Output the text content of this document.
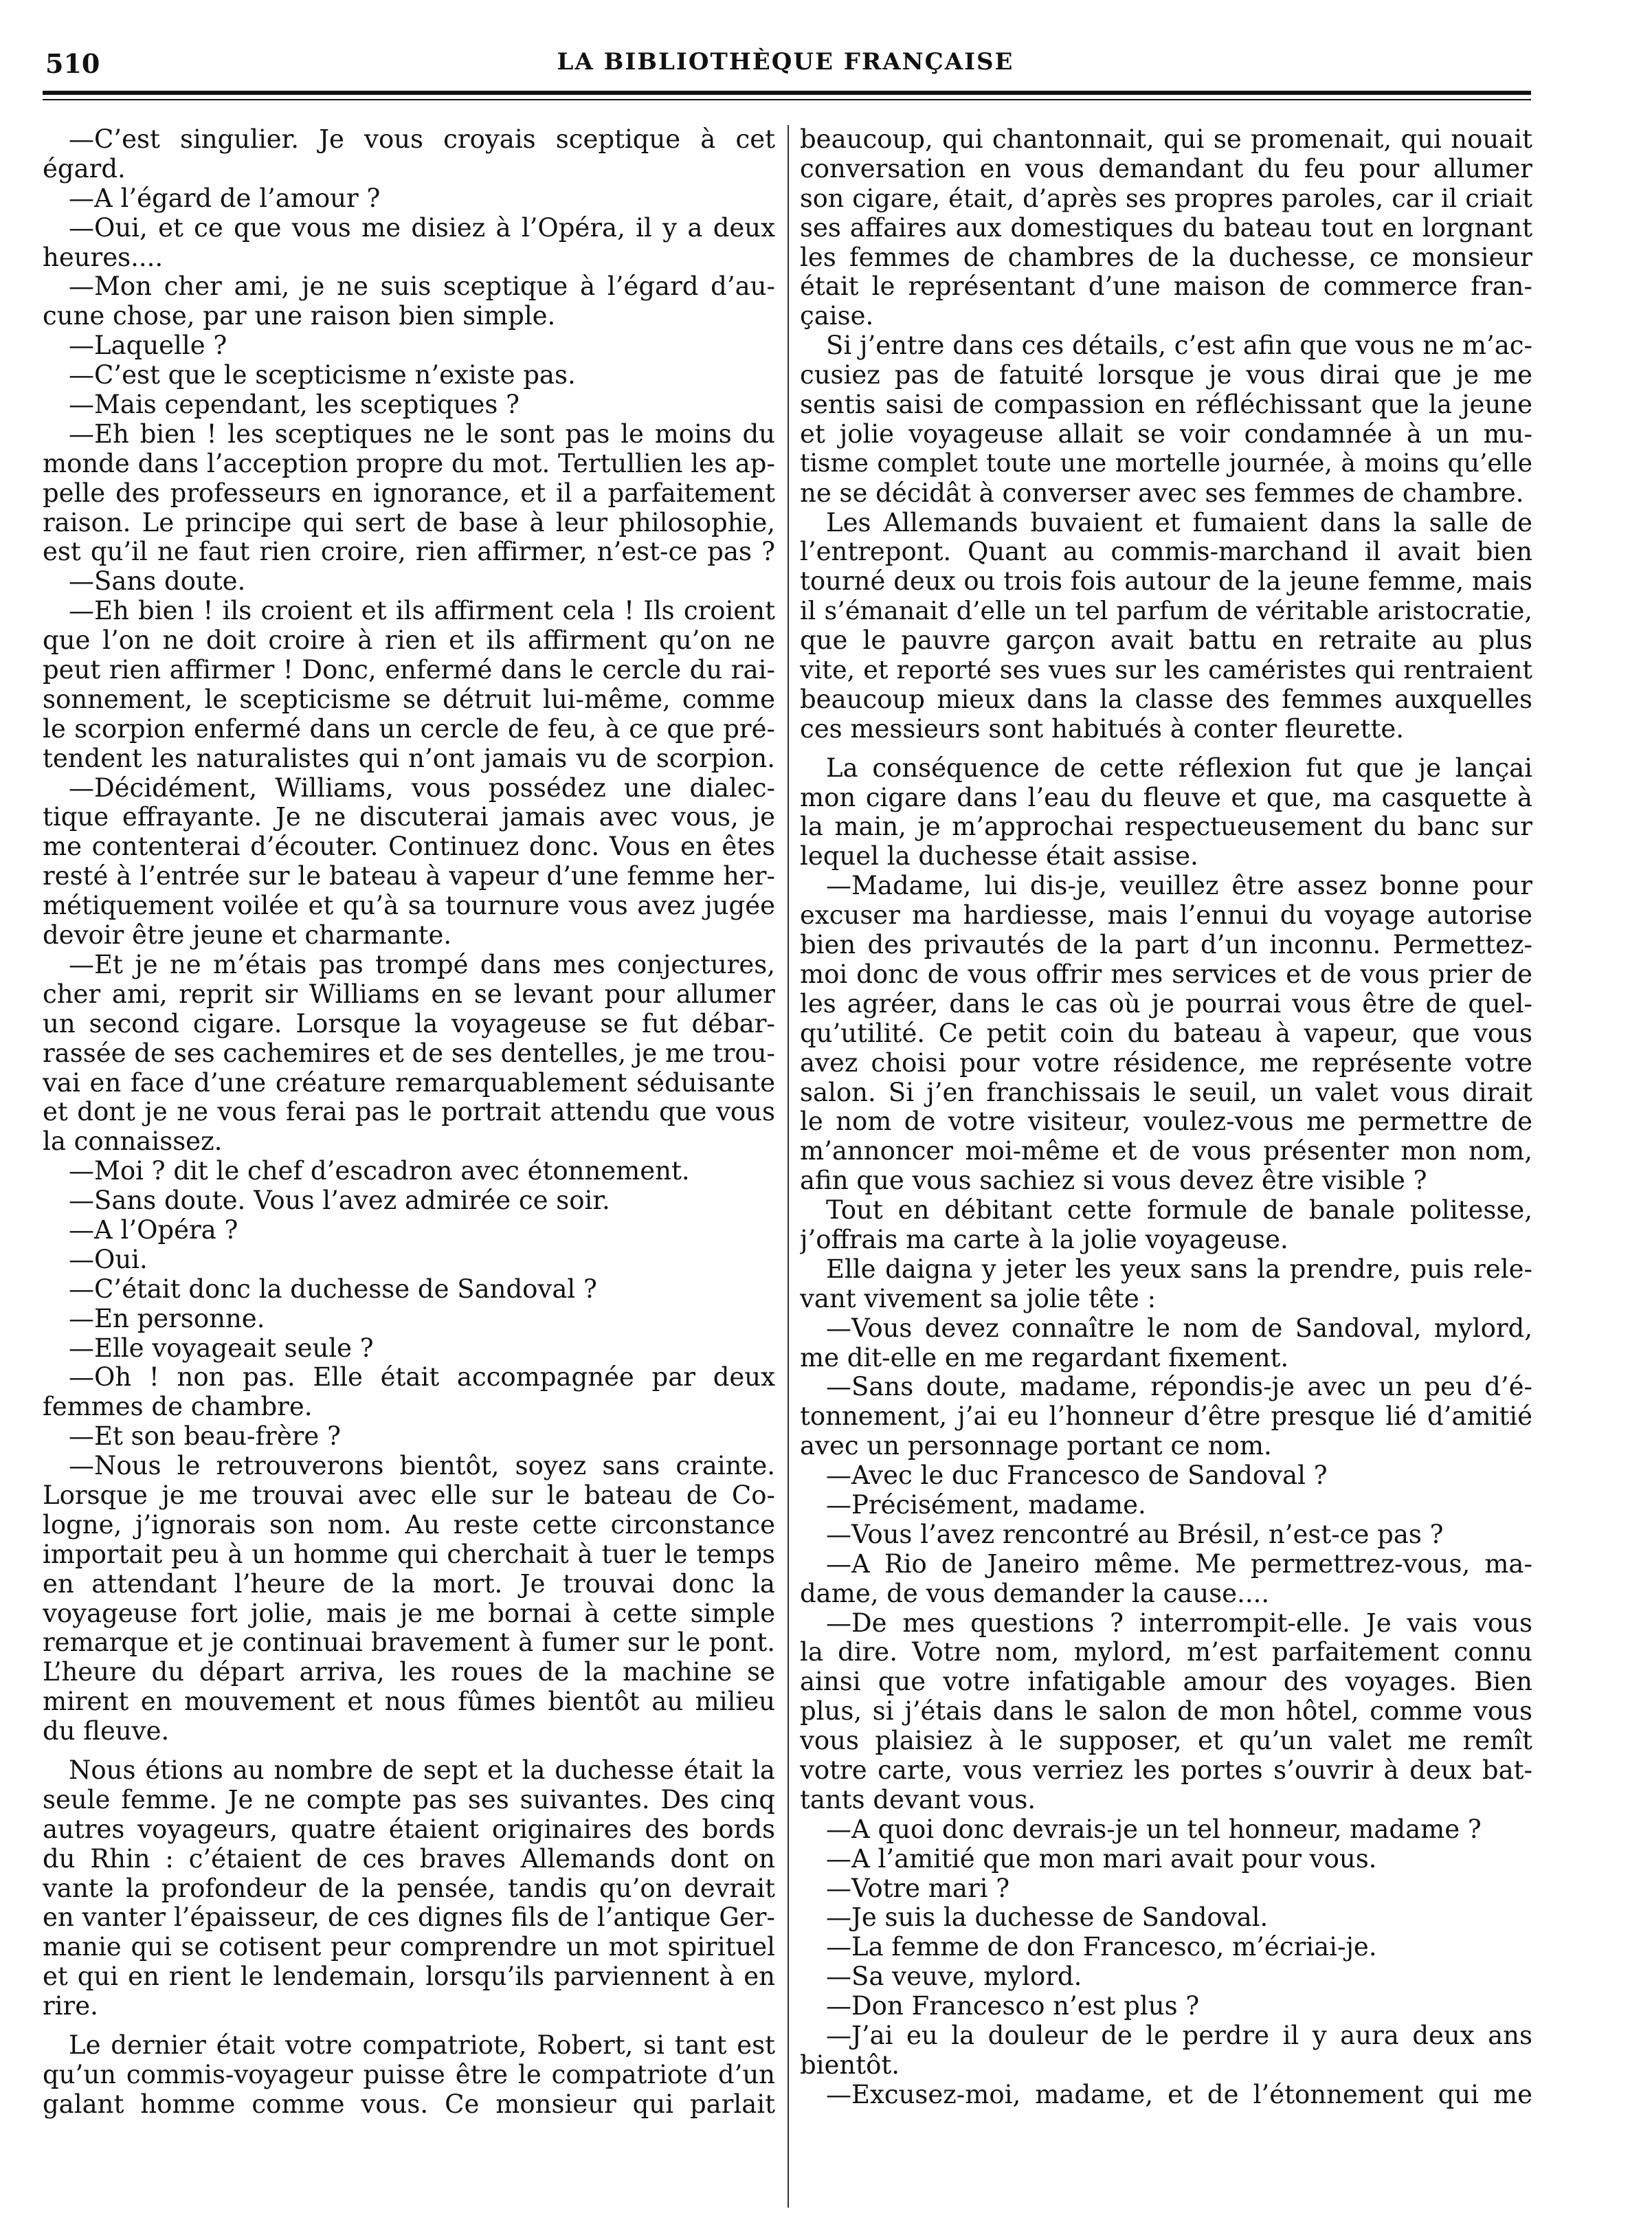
510	LA BIBLIOTHÈQUE FRANÇAISE
—C’est singulier. Je vous croyais sceptique à cet
égard.
—A l’égard de l’amour ?
—Oui, et ce que vous me disiez à l’Opéra, il y a deux
heures....
—Mon cher ami, je ne suis sceptique à l’égard d’au-
cune chose, par une raison bien simple.
—Laquelle ?
—C’est que le scepticisme n’existe pas.
—Mais cependant, les sceptiques ?
—Eh bien ! les sceptiques ne le sont pas le moins du
monde dans l’acception propre du mot. Tertullien les ap-
pelle des professeurs en ignorance, et il a parfaitement
raison. Le principe qui sert de base à leur philosophie,
est qu’il ne faut rien croire, rien affirmer, n’est-ce pas ?
—Sans doute.
—Eh bien ! ils croient et ils affirment cela ! Ils croient
que l’on ne doit croire à rien et ils affirment qu’on ne
peut rien affirmer ! Donc, enfermé dans le cercle du rai-
sonnement, le scepticisme se détruit lui-même, comme
le scorpion enfermé dans un cercle de feu, à ce que pré-
tendent les naturalistes qui n’ont jamais vu de scorpion.
—Décidément, Williams, vous possédez une dialec-
tique effrayante. Je ne discuterai jamais avec vous, je
me contenterai d’écouter. Continuez donc. Vous en êtes
resté à l’entrée sur le bateau à vapeur d’une femme her-
métiquement voilée et qu’à sa tournure vous avez jugée
devoir être jeune et charmante.
—Et je ne m’étais pas trompé dans mes conjectures,
cher ami, reprit sir Williams en se levant pour allumer
un second cigare. Lorsque la voyageuse se fut débar-
rassée de ses cachemires et de ses dentelles, je me trou-
vai en face d’une créature remarquablement séduisante
et dont je ne vous ferai pas le portrait attendu que vous
la connaissez.
—Moi ? dit le chef d’escadron avec étonnement.
—Sans doute. Vous l’avez admirée ce soir.
—A l’Opéra ?
—Oui.
—C’était donc la duchesse de Sandoval ?
—En personne.
—Elle voyageait seule ?
—Oh ! non pas. Elle était accompagnée par deux
femmes de chambre.
—Et son beau-frère ?
—Nous le retrouverons bientôt, soyez sans crainte.
Lorsque je me trouvai avec elle sur le bateau de Co-
logne, j’ignorais son nom. Au reste cette circonstance
importait peu à un homme qui cherchait à tuer le temps
en attendant l’heure de la mort. Je trouvai donc la
voyageuse fort jolie, mais je me bornai à cette simple
remarque et je continuai bravement à fumer sur le pont.
L’heure du départ arriva, les roues de la machine se
mirent en mouvement et nous fûmes bientôt au milieu
du fleuve.
Nous étions au nombre de sept et la duchesse était la
seule femme. Je ne compte pas ses suivantes. Des cinq
autres voyageurs, quatre étaient originaires des bords
du Rhin : c’étaient de ces braves Allemands dont on
vante la profondeur de la pensée, tandis qu’on devrait
en vanter l’épaisseur, de ces dignes fils de l’antique Ger-
manie qui se cotisent peur comprendre un mot spirituel
et qui en rient le lendemain, lorsqu’ils parviennent à en
rire.
Le dernier était votre compatriote, Robert, si tant est
qu’un commis-voyageur puisse être le compatriote d’un
galant homme comme vous. Ce monsieur qui parlait
beaucoup, qui chantonnait, qui se promenait, qui nouait
conversation en vous demandant du feu pour allumer
son cigare, était, d’après ses propres paroles, car il criait
ses affaires aux domestiques du bateau tout en lorgnant
les femmes de chambres de la duchesse, ce monsieur
était le représentant d’une maison de commerce fran-
çaise.
Si j’entre dans ces détails, c’est afin que vous ne m’ac-
cusiez pas de fatuité lorsque je vous dirai que je me
sentis saisi de compassion en réfléchissant que la jeune
et jolie voyageuse allait se voir condamnée à un mu-
tisme complet toute une mortelle journée, à moins qu’elle
ne se décidât à converser avec ses femmes de chambre.
Les Allemands buvaient et fumaient dans la salle de
l’entrepont. Quant au commis-marchand il avait bien
tourné deux ou trois fois autour de la jeune femme, mais
il s’émanait d’elle un tel parfum de véritable aristocratie,
que le pauvre garçon avait battu en retraite au plus
vite, et reporté ses vues sur les caméristes qui rentraient
beaucoup mieux dans la classe des femmes auxquelles
ces messieurs sont habitués à conter fleurette.
La conséquence de cette réflexion fut que je lançai
mon cigare dans l’eau du fleuve et que, ma casquette à
la main, je m’approchai respectueusement du banc sur
lequel la duchesse était assise.
—Madame, lui dis-je, veuillez être assez bonne pour
excuser ma hardiesse, mais l’ennui du voyage autorise
bien des privautés de la part d’un inconnu. Permettez-
moi donc de vous offrir mes services et de vous prier de
les agréer, dans le cas où je pourrai vous être de quel-
qu’utilité. Ce petit coin du bateau à vapeur, que vous
avez choisi pour votre résidence, me représente votre
salon. Si j’en franchissais le seuil, un valet vous dirait
le nom de votre visiteur, voulez-vous me permettre de
m’annoncer moi-même et de vous présenter mon nom,
afin que vous sachiez si vous devez être visible ?
Tout en débitant cette formule de banale politesse,
j’offrais ma carte à la jolie voyageuse.
Elle daigna y jeter les yeux sans la prendre, puis rele-
vant vivement sa jolie tête :
—Vous devez connaître le nom de Sandoval, mylord,
me dit-elle en me regardant fixement.
—Sans doute, madame, répondis-je avec un peu d’é-
tonnement, j’ai eu l’honneur d’être presque lié d’amitié
avec un personnage portant ce nom.
—Avec le duc Francesco de Sandoval ?
—Précisément, madame.
—Vous l’avez rencontré au Brésil, n’est-ce pas ?
—A Rio de Janeiro même. Me permettrez-vous, ma-
dame, de vous demander la cause....
—De mes questions ? interrompit-elle. Je vais vous
la dire. Votre nom, mylord, m’est parfaitement connu
ainsi que votre infatigable amour des voyages. Bien
plus, si j’étais dans le salon de mon hôtel, comme vous
vous plaisiez à le supposer, et qu’un valet me remît
votre carte, vous verriez les portes s’ouvrir à deux bat-
tants devant vous.
—A quoi donc devrais-je un tel honneur, madame ?
—A l’amitié que mon mari avait pour vous.
—Votre mari ?
—Je suis la duchesse de Sandoval.
—La femme de don Francesco, m’écriai-je.
—Sa veuve, mylord.
—Don Francesco n’est plus ?
—J’ai eu la douleur de le perdre il y aura deux ans
bientôt.
—Excusez-moi, madame, et de l’étonnement qui me
